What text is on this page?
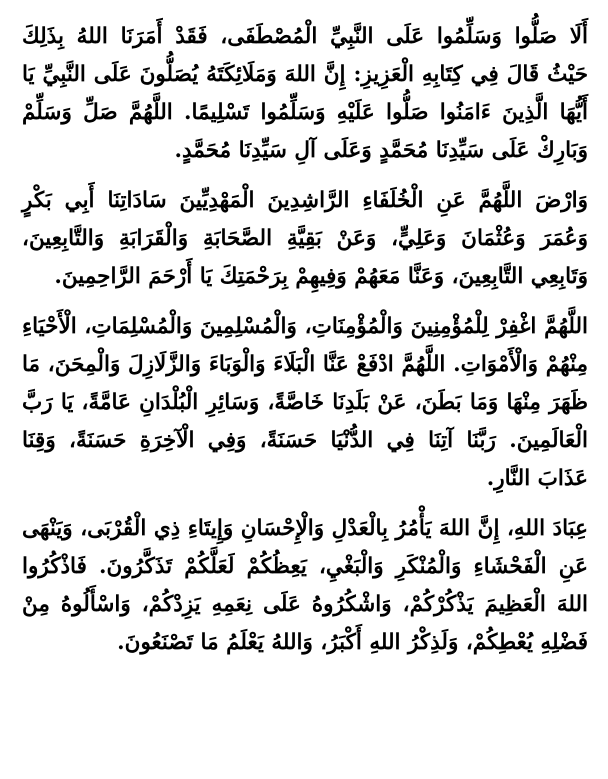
أَلَا صَلُّوا وَسَلِّمُوا عَلَى النَّبِيِّ الْمُصْطَفَى، فَقَدْ أَمَرَنَا اللهُ بِذَلِكَ حَيْثُ قَالَ فِي كِتَابِهِ الْعَزِيزِ: إِنَّ اللهَ وَمَلَائِكَتَهُ يُصَلُّونَ عَلَى النَّبِيِّ يَا أَيُّهَا الَّذِينَ ءَامَنُوا صَلُّوا عَلَيْهِ وَسَلِّمُوا تَسْلِيمًا. اللَّهُمَّ صَلِّ وَسَلِّمْ وَبَارِكْ عَلَى سَيِّدِنَا مُحَمَّدٍ وَعَلَى آلِ سَيِّدِنَا مُحَمَّدٍ.

وَارْضَ اللَّهُمَّ عَنِ الْخُلَفَاءِ الرَّاشِدِينَ الْمَهْدِيِّينَ سَادَاتِنَا أَبِي بَكْرٍ وَعُمَرَ وَعُثْمَانَ وَعَلِيٍّ، وَعَنْ بَقِيَّةِ الصَّحَابَةِ وَالْقَرَابَةِ وَالتَّابِعِينَ، وَتَابِعِي التَّابِعِينَ، وَعَنَّا مَعَهُمْ وَفِيهِمْ بِرَحْمَتِكَ يَا أَرْحَمَ الرَّاحِمِينَ.

اللَّهُمَّ اغْفِرْ لِلْمُؤْمِنِينَ وَالْمُؤْمِنَاتِ، وَالْمُسْلِمِينَ وَالْمُسْلِمَاتِ، الْأَحْيَاءِ مِنْهُمْ وَالْأَمْوَاتِ. اللَّهُمَّ ادْفَعْ عَنَّا الْبَلَاءَ وَالْوَبَاءَ وَالزَّلَازِلَ وَالْمِحَنَ، مَا ظَهَرَ مِنْهَا وَمَا بَطَنَ، عَنْ بَلَدِنَا خَاصَّةً، وَسَائِرِ الْبُلْدَانِ عَامَّةً، يَا رَبَّ الْعَالَمِينَ. رَبَّنَا آتِنَا فِي الدُّنْيَا حَسَنَةً، وَفِي الْآخِرَةِ حَسَنَةً، وَقِنَا عَذَابَ النَّارِ.

عِبَادَ اللهِ، إِنَّ اللهَ يَأْمُرُ بِالْعَدْلِ وَالْإِحْسَانِ وَإِيتَاءِ ذِي الْقُرْبَى، وَيَنْهَى عَنِ الْفَحْشَاءِ وَالْمُنْكَرِ وَالْبَغْيِ، يَعِظُكُمْ لَعَلَّكُمْ تَذَكَّرُونَ. فَاذْكُرُوا اللهَ الْعَظِيمَ يَذْكُرْكُمْ، وَاشْكُرُوهُ عَلَى نِعَمِهِ يَزِدْكُمْ، وَاسْأَلُوهُ مِنْ فَضْلِهِ يُعْطِكُمْ، وَلَذِكْرُ اللهِ أَكْبَرُ، وَاللهُ يَعْلَمُ مَا تَصْنَعُونَ.
